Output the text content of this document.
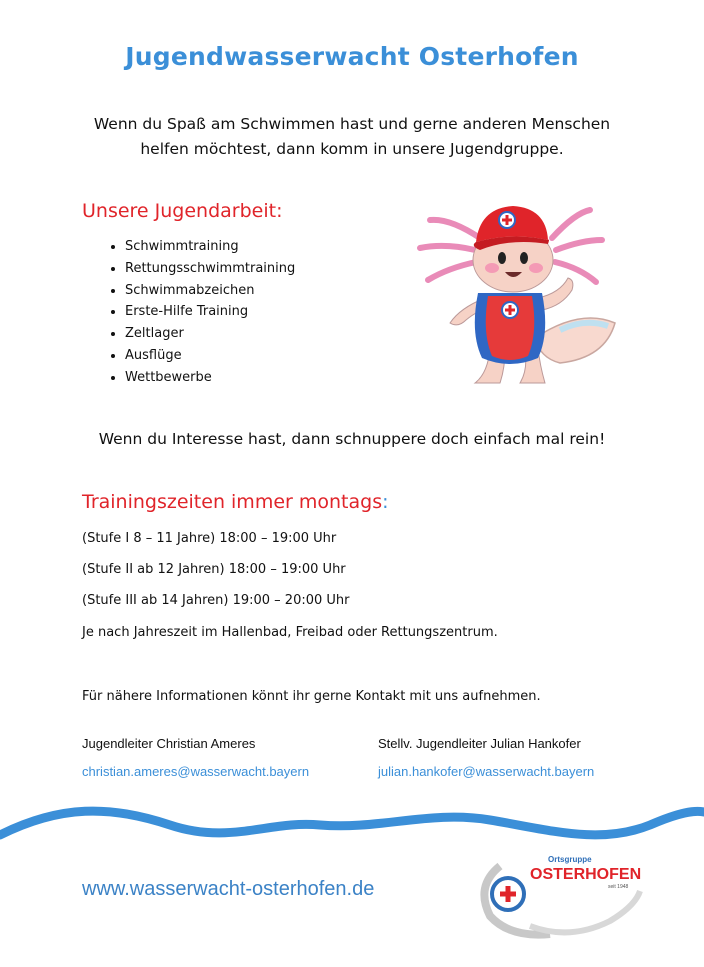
Jugendwasserwacht Osterhofen
Wenn du Spaß am Schwimmen hast und gerne anderen Menschen
helfen möchtest, dann komm in unsere Jugendgruppe.
Unsere Jugendarbeit:
• Schwimmtraining
• Rettungsschwimmtraining
• Schwimmabzeichen
• Erste-Hilfe Training
• Zeltlager
• Ausflüge
• Wettbewerbe
Wenn du Interesse hast, dann schnuppere doch einfach mal rein!
Trainingszeiten immer montags:
(Stufe I 8 – 11 Jahre) 18:00 – 19:00 Uhr
(Stufe II ab 12 Jahren) 18:00 – 19:00 Uhr
(Stufe III ab 14 Jahren) 19:00 – 20:00 Uhr
Je nach Jahreszeit im Hallenbad, Freibad oder Rettungszentrum.
Für nähere Informationen könnt ihr gerne Kontakt mit uns aufnehmen.
Jugendleiter Christian Ameres	Stellv. Jugendleiter Julian Hankofer
christian.ameres@wasserwacht.bayern	julian.hankofer@wasserwacht.bayern
www.wasserwacht-osterhofen.de
Ortsgruppe
OSTERHOFEN
seit 1948
